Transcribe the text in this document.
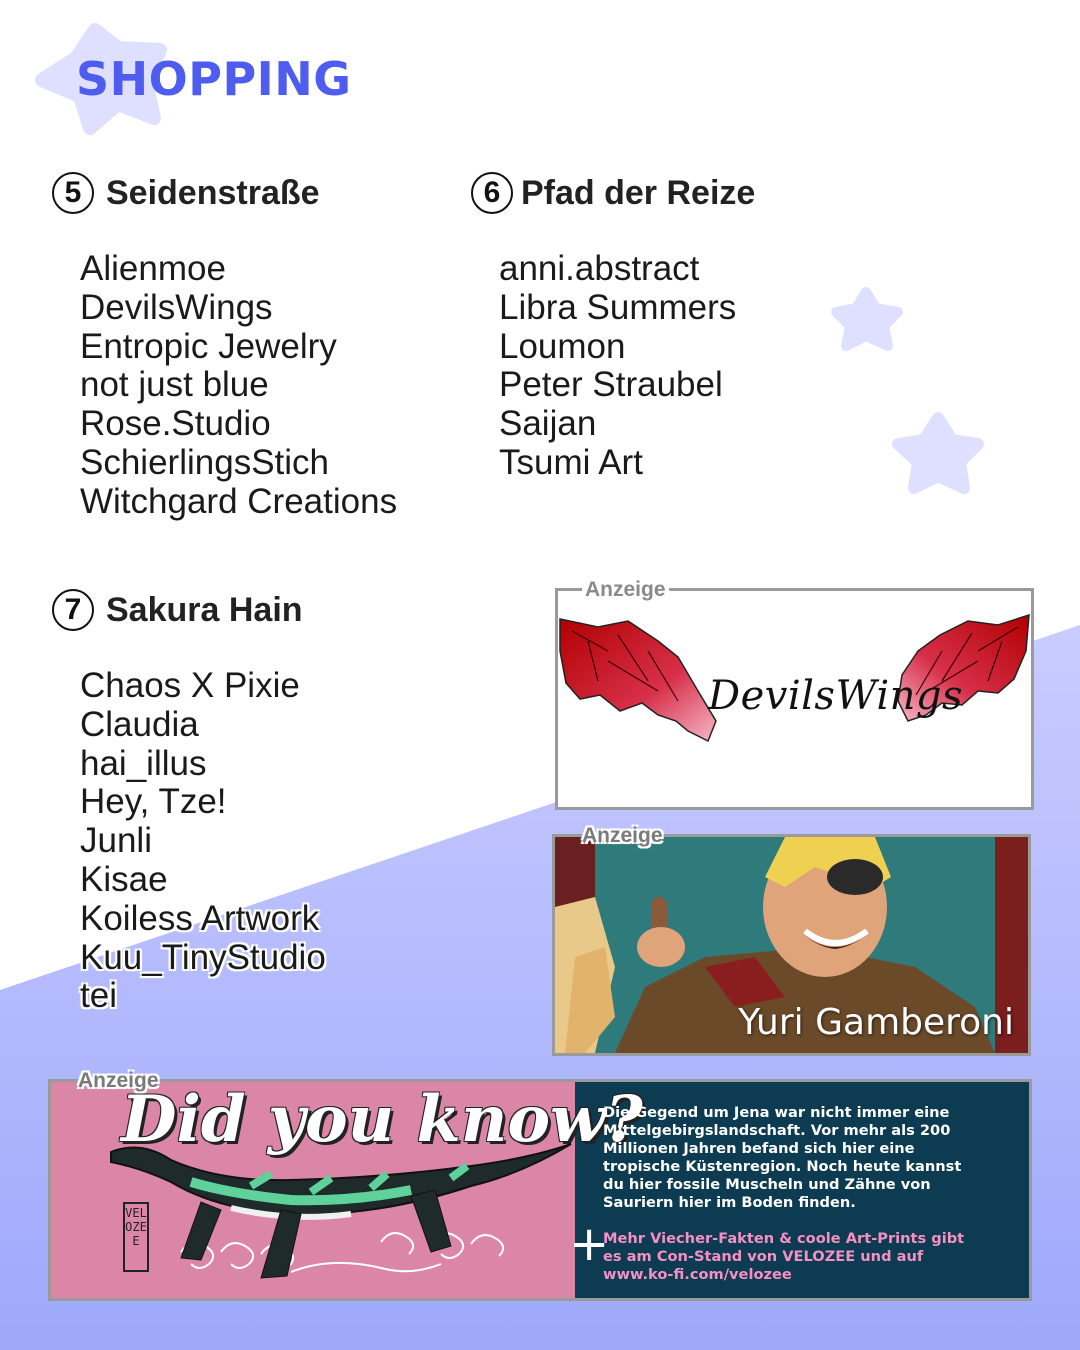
SHOPPING
5 Seidenstraße
Alienmoe
DevilsWings
Entropic Jewelry
not just blue
Rose.Studio
SchierlingsStich
Witchgard Creations
6 Pfad der Reize
anni.abstract
Libra Summers
Loumon
Peter Straubel
Saijan
Tsumi Art
7 Sakura Hain
Chaos X Pixie
Claudia
hai_illus
Hey, Tze!
Junli
Kisae
Koiless Artwork
Kuu_TinyStudio
tei
Anzeige
DevilsWings
Anzeige
Yuri Gamberoni
Anzeige
Did you know?
VELOZEE	+

Die Gegend um Jena war nicht immer eine Mittelgebirgslandschaft. Vor mehr als 200 Millionen Jahren befand sich hier eine tropische Küstenregion. Noch heute kannst du hier fossile Muscheln und Zähne von Sauriern hier im Boden finden.

Mehr Viecher-Fakten & coole Art-Prints gibt es am Con-Stand von VELOZEE und auf www.ko-fi.com/velozee
